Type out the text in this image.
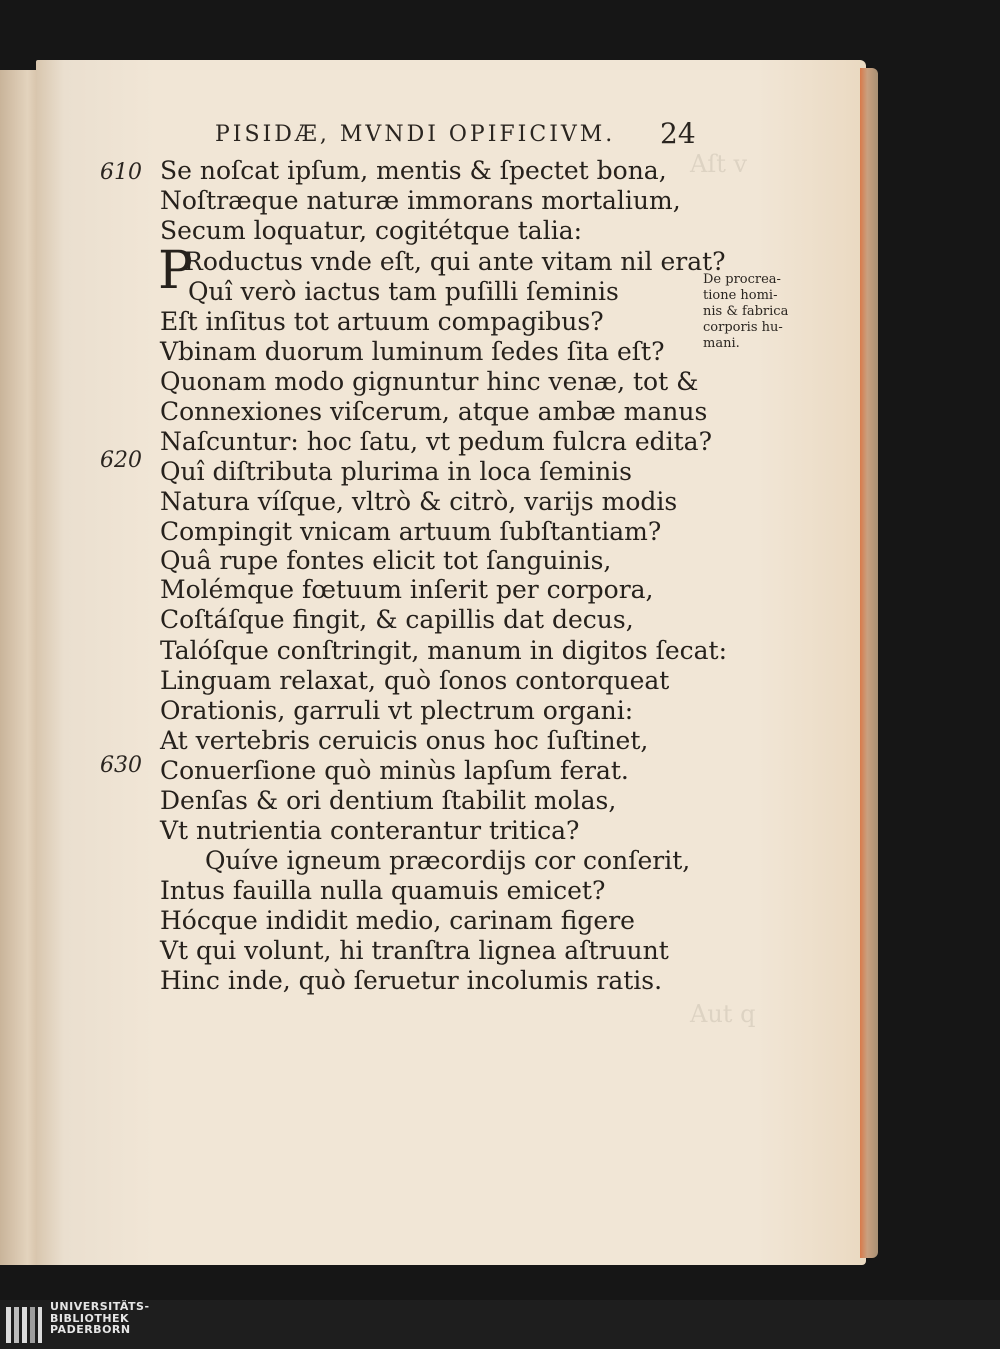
Aſt v
Aut q
PISIDÆ, MVNDI OPIFICIVM. 24
610
620
630
P
Se noſcat ipſum, mentis & ſpectet bona,
Noſtræque naturæ immorans mortalium,
Secum loquatur, cogitétque talia:
Roductus vnde eſt, qui ante vitam nil erat?
Quî verò iactus tam puſilli ſeminis
Eſt inſitus tot artuum compagibus?
Vbinam duorum luminum ſedes ſita eſt?
Quonam modo gignuntur hinc venæ, tot &
Connexiones viſcerum, atque ambæ manus
Naſcuntur: hoc ſatu, vt pedum fulcra edita?
Quî diſtributa plurima in loca ſeminis
Natura víſque, vltrò & citrò, varijs modis
Compingit vnicam artuum ſubſtantiam?
Quâ rupe fontes elicit tot ſanguinis,
Molémque fœtuum inſerit per corpora,
Coſtáſque fingit, & capillis dat decus,
Talóſque conſtringit, manum in digitos ſecat:
Linguam relaxat, quò ſonos contorqueat
Orationis, garruli vt plectrum organi:
At vertebris ceruicis onus hoc ſuſtinet,
Conuerſione quò minùs lapſum ferat.
Denſas & ori dentium ſtabilit molas,
Vt nutrientia conterantur tritica?
Quíve igneum præcordijs cor conſerit,
Intus fauilla nulla quamuis emicet?
Hócque indidit medio, carinam figere
Vt qui volunt, hi tranſtra lignea aſtruunt
Hinc inde, quò ſeruetur incolumis ratis.
De procrea-
tione homi-
nis & fabrica
corporis hu-
mani.
UNIVERSITÄTS-
BIBLIOTHEK
PADERBORN
